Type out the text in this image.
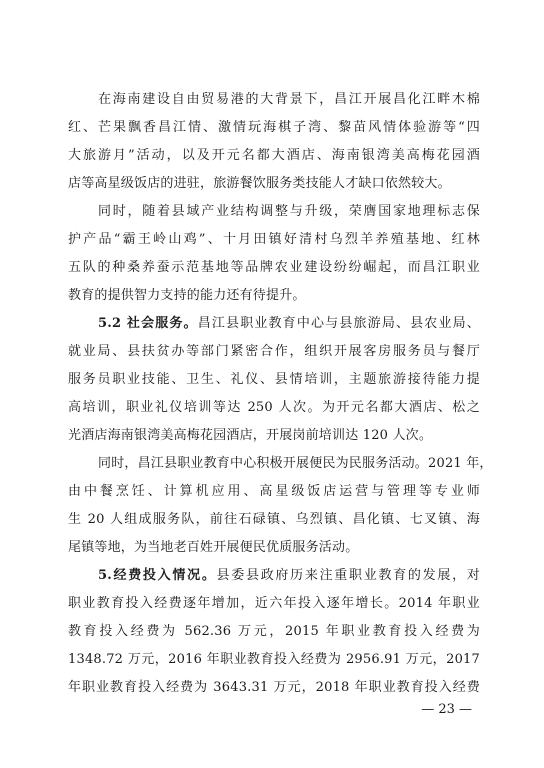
在海南建设自由贸易港的大背景下，昌江开展昌化江畔木棉
红、芒果飘香昌江情、激情玩海棋子湾、黎苗风情体验游等“四
大旅游月”活动，以及开元名都大酒店、海南银湾美高梅花园酒
店等高星级饭店的进驻，旅游餐饮服务类技能人才缺口依然较大。
同时，随着县域产业结构调整与升级，荣膺国家地理标志保
护产品“霸王岭山鸡”、十月田镇好清村乌烈羊养殖基地、红林
五队的种桑养蚕示范基地等品牌农业建设纷纷崛起，而昌江职业
教育的提供智力支持的能力还有待提升。
5.2 社会服务。昌江县职业教育中心与县旅游局、县农业局、
就业局、县扶贫办等部门紧密合作，组织开展客房服务员与餐厅
服务员职业技能、卫生、礼仪、县情培训，主题旅游接待能力提
高培训，职业礼仪培训等达 250 人次。为开元名都大酒店、松之
光酒店海南银湾美高梅花园酒店，开展岗前培训达 120 人次。
同时，昌江县职业教育中心积极开展便民为民服务活动。2021 年，
由中餐烹饪、计算机应用、高星级饭店运营与管理等专业师
生 20 人组成服务队，前往石碌镇、乌烈镇、昌化镇、七叉镇、海
尾镇等地，为当地老百姓开展便民优质服务活动。
5.经费投入情况。县委县政府历来注重职业教育的发展，对
职业教育投入经费逐年增加，近六年投入逐年增长。2014 年职业
教育投入经费为 562.36 万元，2015 年职业教育投入经费为
1348.72 万元，2016 年职业教育投入经费为 2956.91 万元，2017
年职业教育投入经费为 3643.31 万元，2018 年职业教育投入经费
— 23 —
